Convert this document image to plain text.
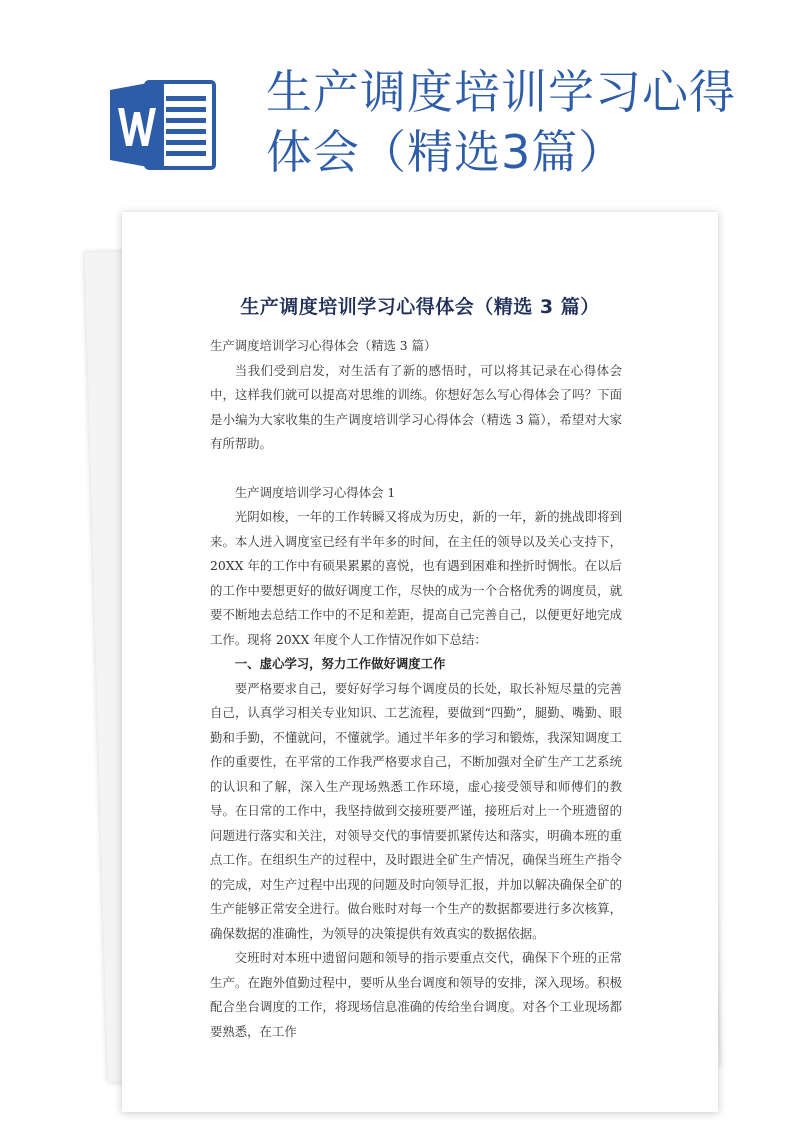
生产调度培训学习心得体会（精选3篇）
生产调度培训学习心得体会（精选 3 篇）

生产调度培训学习心得体会（精选 3 篇）

当我们受到启发，对生活有了新的感悟时，可以将其记录在心得体会中，这样我们就可以提高对思维的训练。你想好怎么写心得体会了吗？下面是小编为大家收集的生产调度培训学习心得体会（精选 3 篇），希望对大家有所帮助。

生产调度培训学习心得体会 1

光阴如梭，一年的工作转瞬又将成为历史，新的一年，新的挑战即将到来。本人进入调度室已经有半年多的时间，在主任的领导以及关心支持下，20XX 年的工作中有硕果累累的喜悦，也有遇到困难和挫折时惆怅。在以后的工作中要想更好的做好调度工作，尽快的成为一个合格优秀的调度员，就要不断地去总结工作中的不足和差距，提高自己完善自己，以便更好地完成工作。现将 20XX 年度个人工作情况作如下总结：

一、虚心学习，努力工作做好调度工作

要严格要求自己，要好好学习每个调度员的长处，取长补短尽量的完善自己，认真学习相关专业知识、工艺流程，要做到“四勤”，腿勤、嘴勤、眼勤和手勤，不懂就问，不懂就学。通过半年多的学习和锻炼，我深知调度工作的重要性，在平常的工作我严格要求自己，不断加强对全矿生产工艺系统的认识和了解，深入生产现场熟悉工作环境，虚心接受领导和师傅们的教导。在日常的工作中，我坚持做到交接班要严谨，接班后对上一个班遗留的问题进行落实和关注，对领导交代的事情要抓紧传达和落实，明确本班的重点工作。在组织生产的过程中，及时跟进全矿生产情况，确保当班生产指令的完成，对生产过程中出现的问题及时向领导汇报，并加以解决确保全矿的生产能够正常安全进行。做台账时对每一个生产的数据都要进行多次核算，确保数据的准确性，为领导的决策提供有效真实的数据依据。

交班时对本班中遗留问题和领导的指示要重点交代，确保下个班的正常生产。在跑外值勤过程中，要听从坐台调度和领导的安排，深入现场。积极配合坐台调度的工作，将现场信息准确的传给坐台调度。对各个工业现场都要熟悉，在工作
